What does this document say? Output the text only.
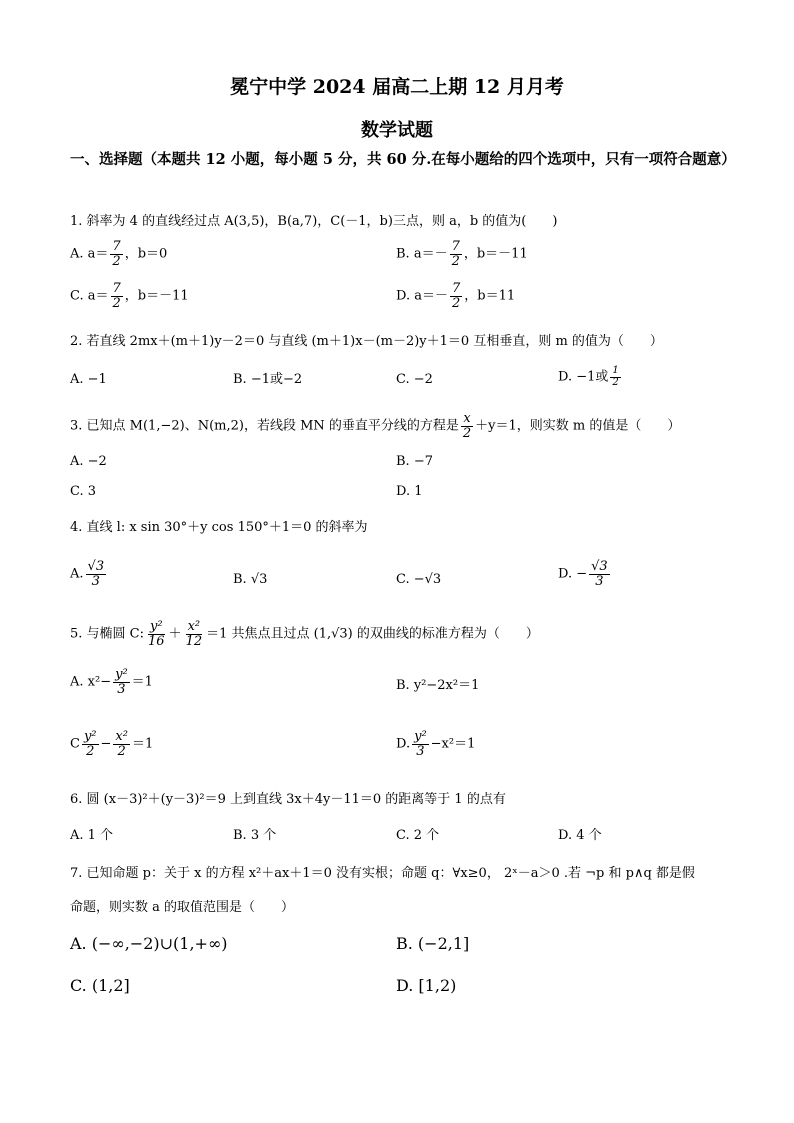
冕宁中学 2024 届高二上期 12 月月考
数学试题
一、选择题（本题共 12 小题，每小题 5 分，共 60 分.在每小题给的四个选项中，只有一项符合题意）
1. 斜率为 4 的直线经过点 A(3,5)，B(a,7)，C(－1，b)三点，则 a，b 的值为(　　)
A. $a= \frac{7}{2}$ ，b＝0	B. $a=- \frac{7}{2}$ ，b＝－11
C. $a= \frac{7}{2}$ ，b＝－11	D. $a=- \frac{7}{2}$ ，b＝11
2. 若直线 2mx＋(m＋1)y－2＝0 与直线 (m＋1)x－(m－2)y＋1＝0 互相垂直，则 m 的值为（　　）
A. −1	B. −1或−2	C. −2	D. −1或 $\frac{1}{2}$
3. 已知点 M(1,−2)、N(m,2)，若线段 MN 的垂直平分线的方程是 $\frac{x}{2} +y=1$，则实数 m 的值是（　　）
A. −2	B. −7
C. 3	D. 1
4. 直线 l: x sin 30°＋y cos 150°＋1＝0 的斜率为
A. $\frac{√3}{3}$	B. √3	C. −√3	D. − $\frac{√3}{3}$
5. 与椭圆 C: $\frac{\text{y²}}{16} + \frac{\text{x²}}{12} =1$ 共焦点且过点 (1,√3) 的双曲线的标准方程为（　　）
A. $x^2- \frac{\text{y²}}{3} =1$	B. y²−2x²＝1
C $\frac{\text{y²}}{2} - \frac{\text{x²}}{2} =1$	D. $\frac{\text{y²}}{3} -x^2=1$
6. 圆 (x－3)²＋(y－3)²＝9 上到直线 3x＋4y－11＝0 的距离等于 1 的点有
A. 1 个	B. 3 个	C. 2 个	D. 4 个
7. 已知命题 p：关于 x 的方程 x²＋ax＋1＝0 没有实根；命题 q：∀x≥0， 2ˣ－a＞0 .若 ¬p 和 p∧q 都是假
命题，则实数 a 的取值范围是（　　）
A. (−∞,−2)∪(1,+∞)	B. (−2,1]
C. (1,2]	D. [1,2)
